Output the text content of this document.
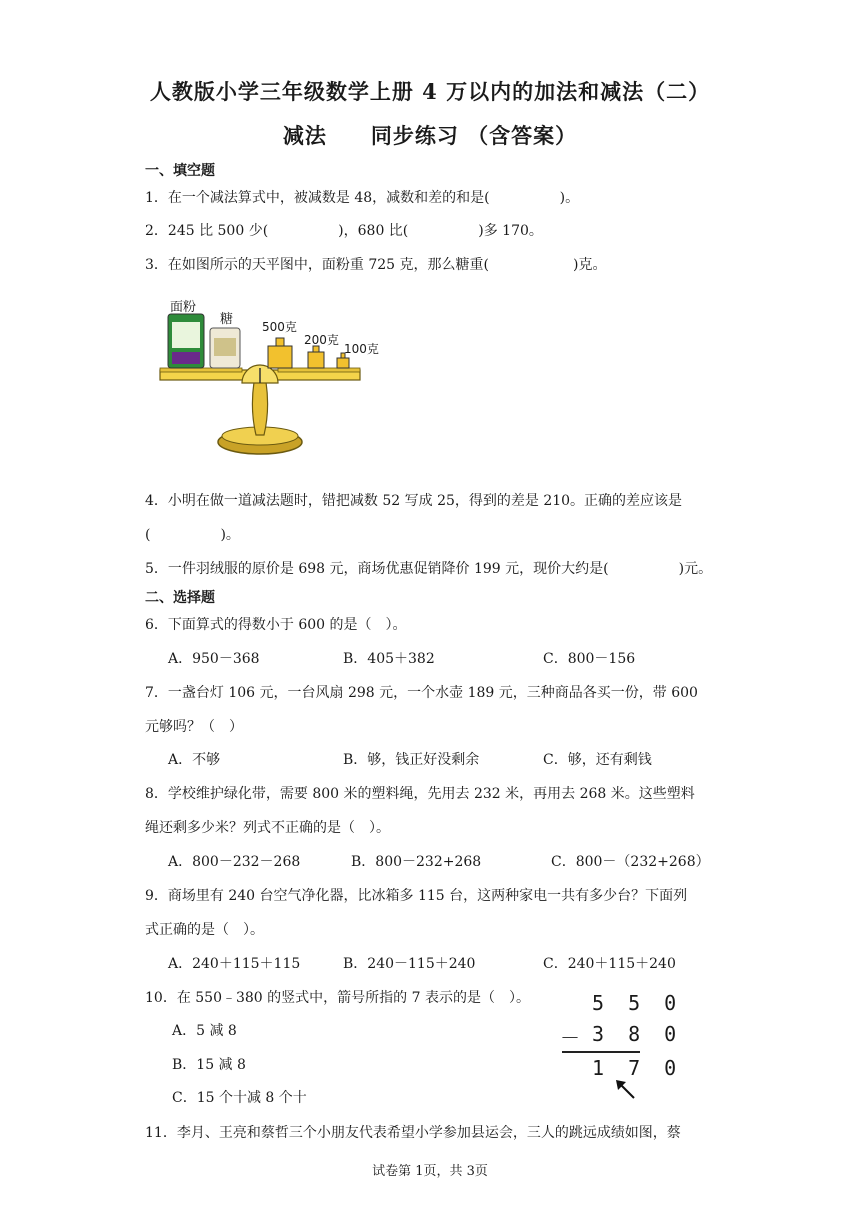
人教版小学三年级数学上册 4 万以内的加法和减法（二）
减法　　同步练习 （含答案）
一、填空题
1．在一个减法算式中，被减数是 48，减数和差的和是(　　　　　)。
2．245 比 500 少(　　　　　)，680 比(　　　　　)多 170。
3．在如图所示的天平图中，面粉重 725 克，那么糖重(　　　　　　)克。
面粉
糖 500克
200克
100克
4．小明在做一道减法题时，错把减数 52 写成 25，得到的差是 210。正确的差应该是
(　　　　　)。
5．一件羽绒服的原价是 698 元，商场优惠促销降价 199 元，现价大约是(　　　　　)元。
二、选择题
6．下面算式的得数小于 600 的是（　）。
A．950－368	B．405＋382	C．800－156
7．一盏台灯 106 元，一台风扇 298 元，一个水壶 189 元，三种商品各买一份，带 600
元够吗？（　）
A．不够	B．够，钱正好没剩余	C．够，还有剩钱
8．学校维护绿化带，需要 800 米的塑料绳，先用去 232 米，再用去 268 米。这些塑料
绳还剩多少米？列式不正确的是（　）。
A．800－232－268	B．800－232+268	C．800－（232+268）
9．商场里有 240 台空气净化器，比冰箱多 115 台，这两种家电一共有多少台？下面列
式正确的是（　）。
A．240＋115＋115	B．240－115＋240	C．240＋115＋240
10．在 550﹣380 的竖式中，箭号所指的 7 表示的是（　）。
A．5 减 8
B．15 减 8
C．15 个十减 8 个十
5 5 0
－ 3 8 0
1 7 0
11．李月、王亮和蔡哲三个小朋友代表希望小学参加县运会，三人的跳远成绩如图，蔡
试卷第 1页，共 3页
